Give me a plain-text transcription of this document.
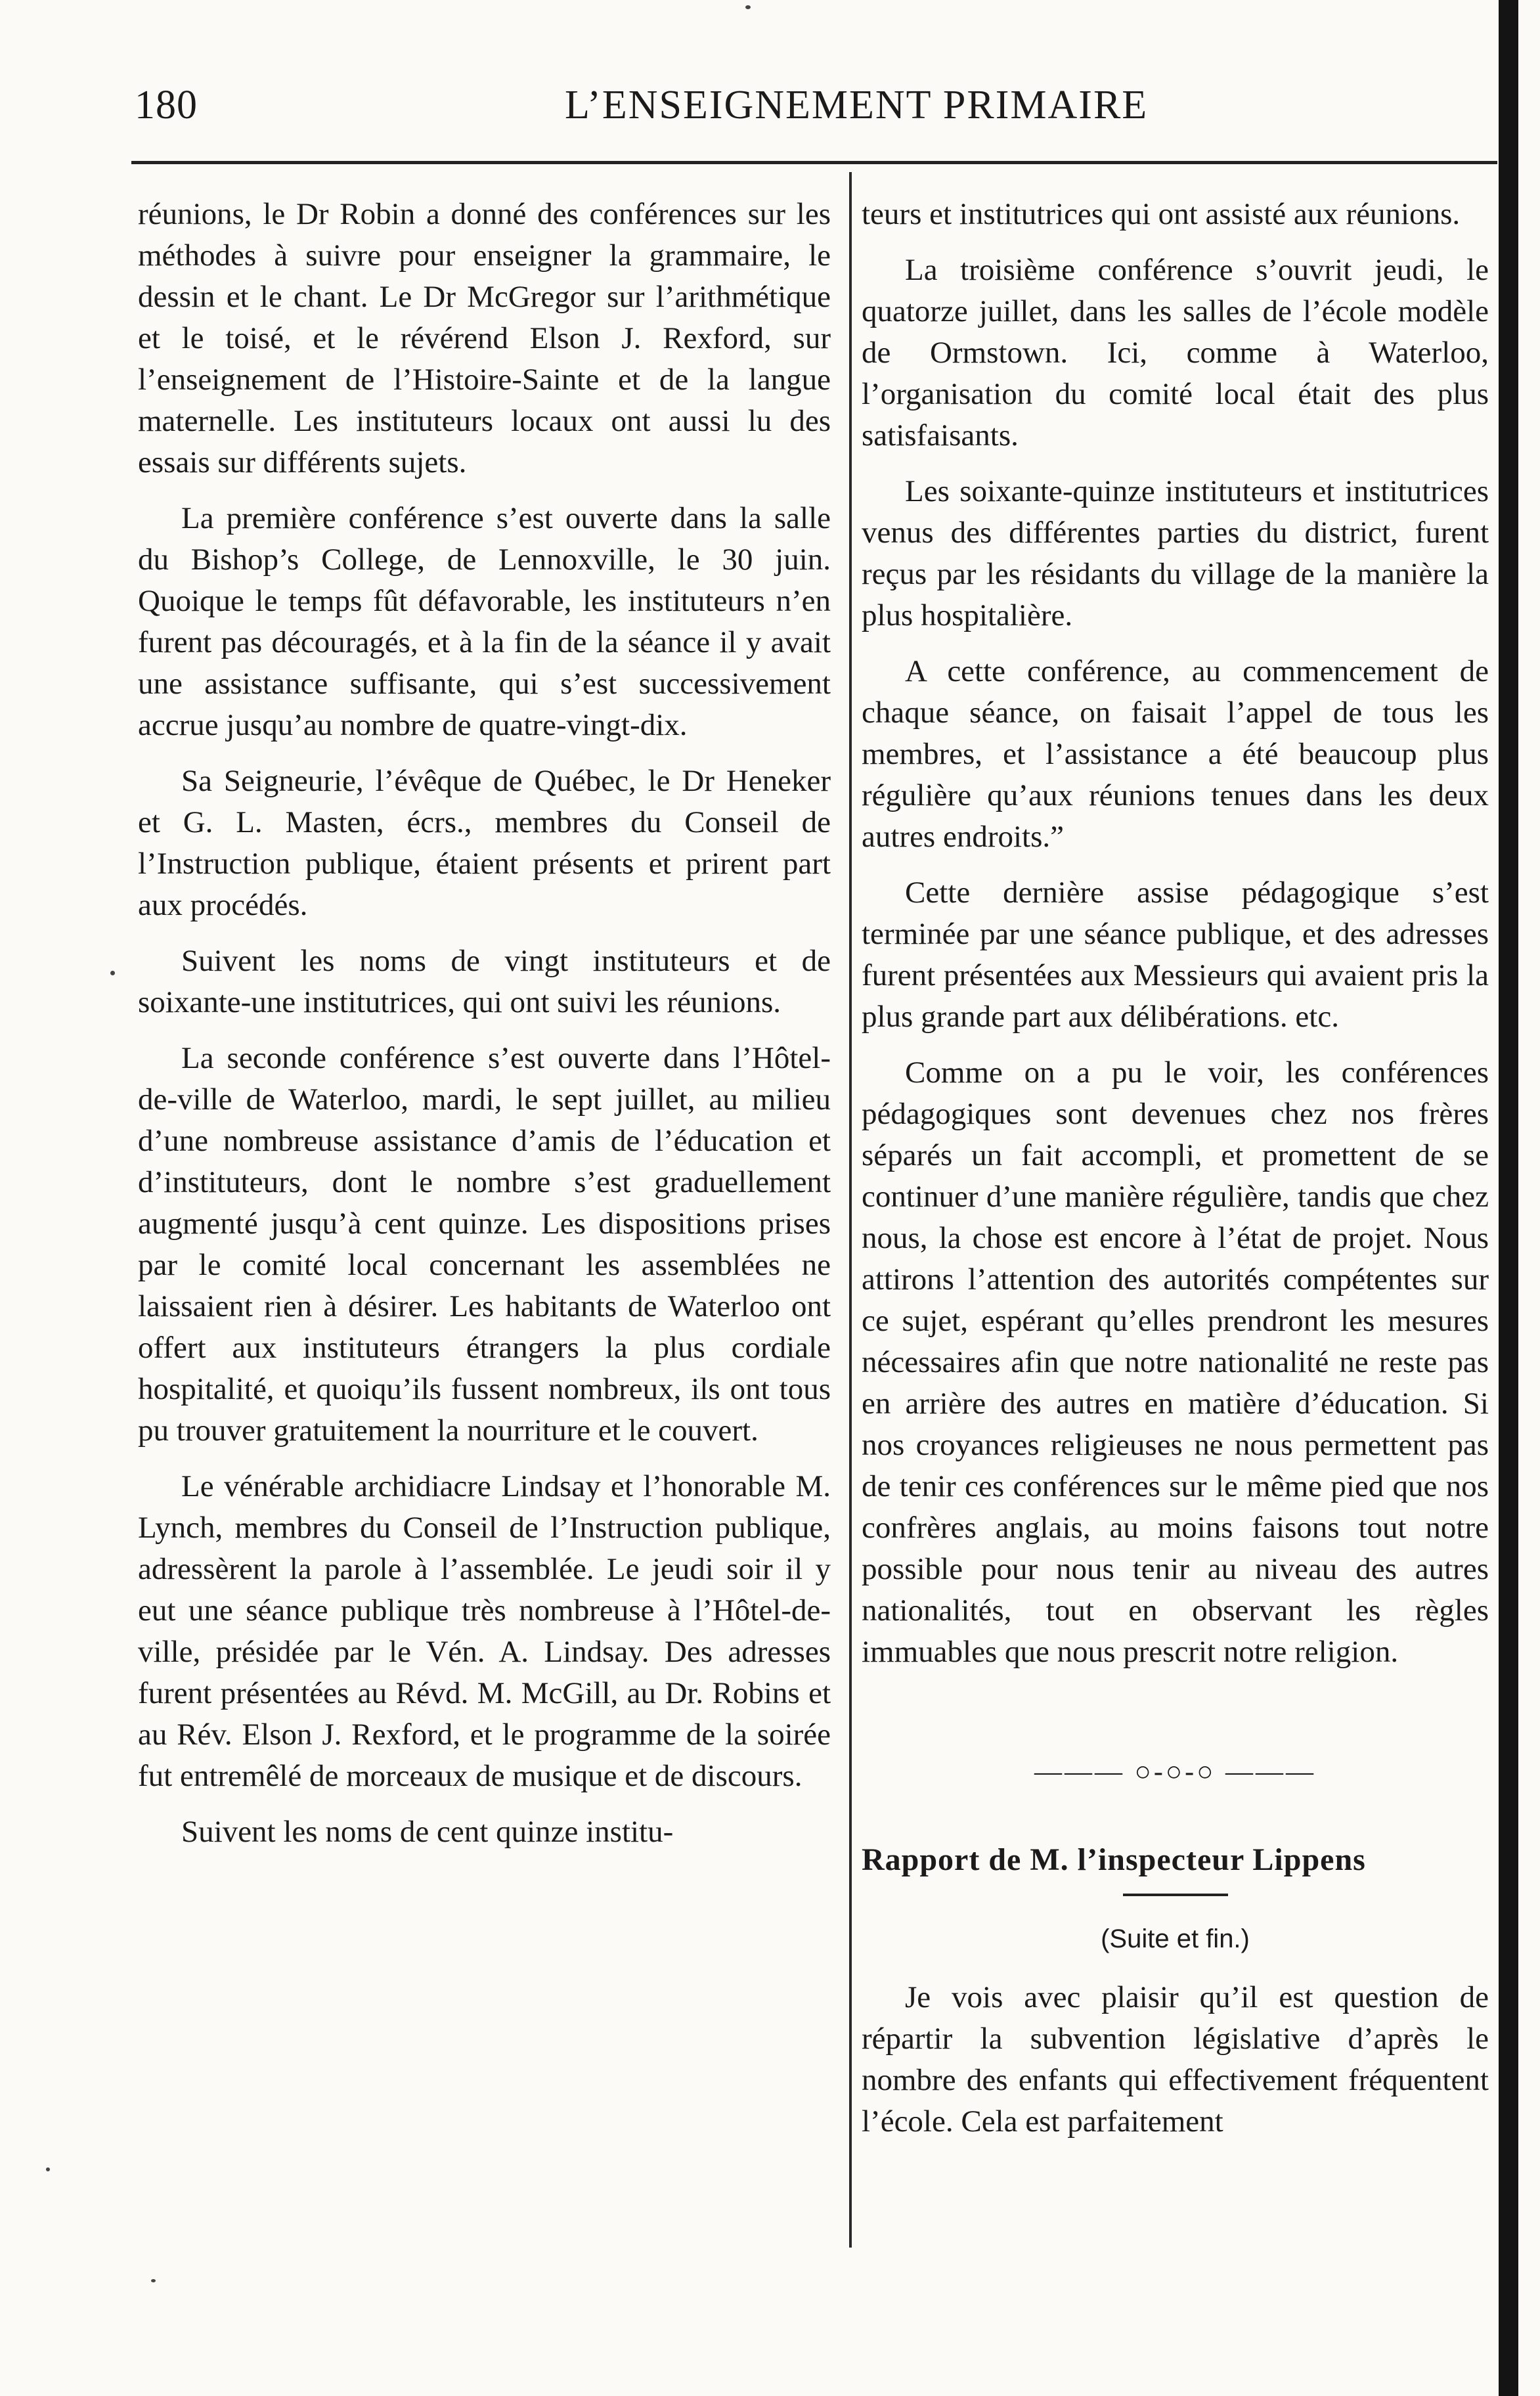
180	L’ENSEIGNEMENT PRIMAIRE

réunions, le Dr Robin a donné des conférences sur les méthodes à suivre pour enseigner la grammaire, le dessin et le chant. Le Dr McGregor sur l’arithmétique et le toisé, et le révérend Elson J. Rexford, sur l’enseignement de l’Histoire-Sainte et de la langue maternelle. Les instituteurs locaux ont aussi lu des essais sur différents sujets.

La première conférence s’est ouverte dans la salle du Bishop’s College, de Lennoxville, le 30 juin. Quoique le temps fût défavorable, les instituteurs n’en furent pas découragés, et à la fin de la séance il y avait une assistance suffisante, qui s’est successivement accrue jusqu’au nombre de quatre-vingt-dix.

Sa Seigneurie, l’évêque de Québec, le Dr Heneker et G. L. Masten, écrs., membres du Conseil de l’Instruction publique, étaient présents et prirent part aux procédés.

Suivent les noms de vingt instituteurs et de soixante-une institutrices, qui ont suivi les réunions.

La seconde conférence s’est ouverte dans l’Hôtel-de-ville de Waterloo, mardi, le sept juillet, au milieu d’une nombreuse assistance d’amis de l’éducation et d’instituteurs, dont le nombre s’est graduellement augmenté jusqu’à cent quinze. Les dispositions prises par le comité local concernant les assemblées ne laissaient rien à désirer. Les habitants de Waterloo ont offert aux instituteurs étrangers la plus cordiale hospitalité, et quoiqu’ils fussent nombreux, ils ont tous pu trouver gratuitement la nourriture et le couvert.

Le vénérable archidiacre Lindsay et l’honorable M. Lynch, membres du Conseil de l’Instruction publique, adressèrent la parole à l’assemblée. Le jeudi soir il y eut une séance publique très nombreuse à l’Hôtel-de-ville, présidée par le Vén. A. Lindsay. Des adresses furent présentées au Révd. M. McGill, au Dr. Robins et au Rév. Elson J. Rexford, et le programme de la soirée fut entremêlé de morceaux de musique et de discours.

Suivent les noms de cent quinze institu-

teurs et institutrices qui ont assisté aux réunions.

La troisième conférence s’ouvrit jeudi, le quatorze juillet, dans les salles de l’école modèle de Ormstown. Ici, comme à Waterloo, l’organisation du comité local était des plus satisfaisants.

Les soixante-quinze instituteurs et institutrices venus des différentes parties du district, furent reçus par les résidants du village de la manière la plus hospitalière.

A cette conférence, au commencement de chaque séance, on faisait l’appel de tous les membres, et l’assistance a été beaucoup plus régulière qu’aux réunions tenues dans les deux autres endroits.”

Cette dernière assise pédagogique s’est terminée par une séance publique, et des adresses furent présentées aux Messieurs qui avaient pris la plus grande part aux délibérations. etc.

Comme on a pu le voir, les conférences pédagogiques sont devenues chez nos frères séparés un fait accompli, et promettent de se continuer d’une manière régulière, tandis que chez nous, la chose est encore à l’état de projet. Nous attirons l’attention des autorités compétentes sur ce sujet, espérant qu’elles prendront les mesures nécessaires afin que notre nationalité ne reste pas en arrière des autres en matière d’éducation. Si nos croyances religieuses ne nous permettent pas de tenir ces conférences sur le même pied que nos confrères anglais, au moins faisons tout notre possible pour nous tenir au niveau des autres nationalités, tout en observant les règles immuables que nous prescrit notre religion.

——— ○-○-○ ———
Rapport de M. l’inspecteur Lippens
(Suite et fin.)

Je vois avec plaisir qu’il est question de répartir la subvention législative d’après le nombre des enfants qui effectivement fréquentent l’école. Cela est parfaitement
